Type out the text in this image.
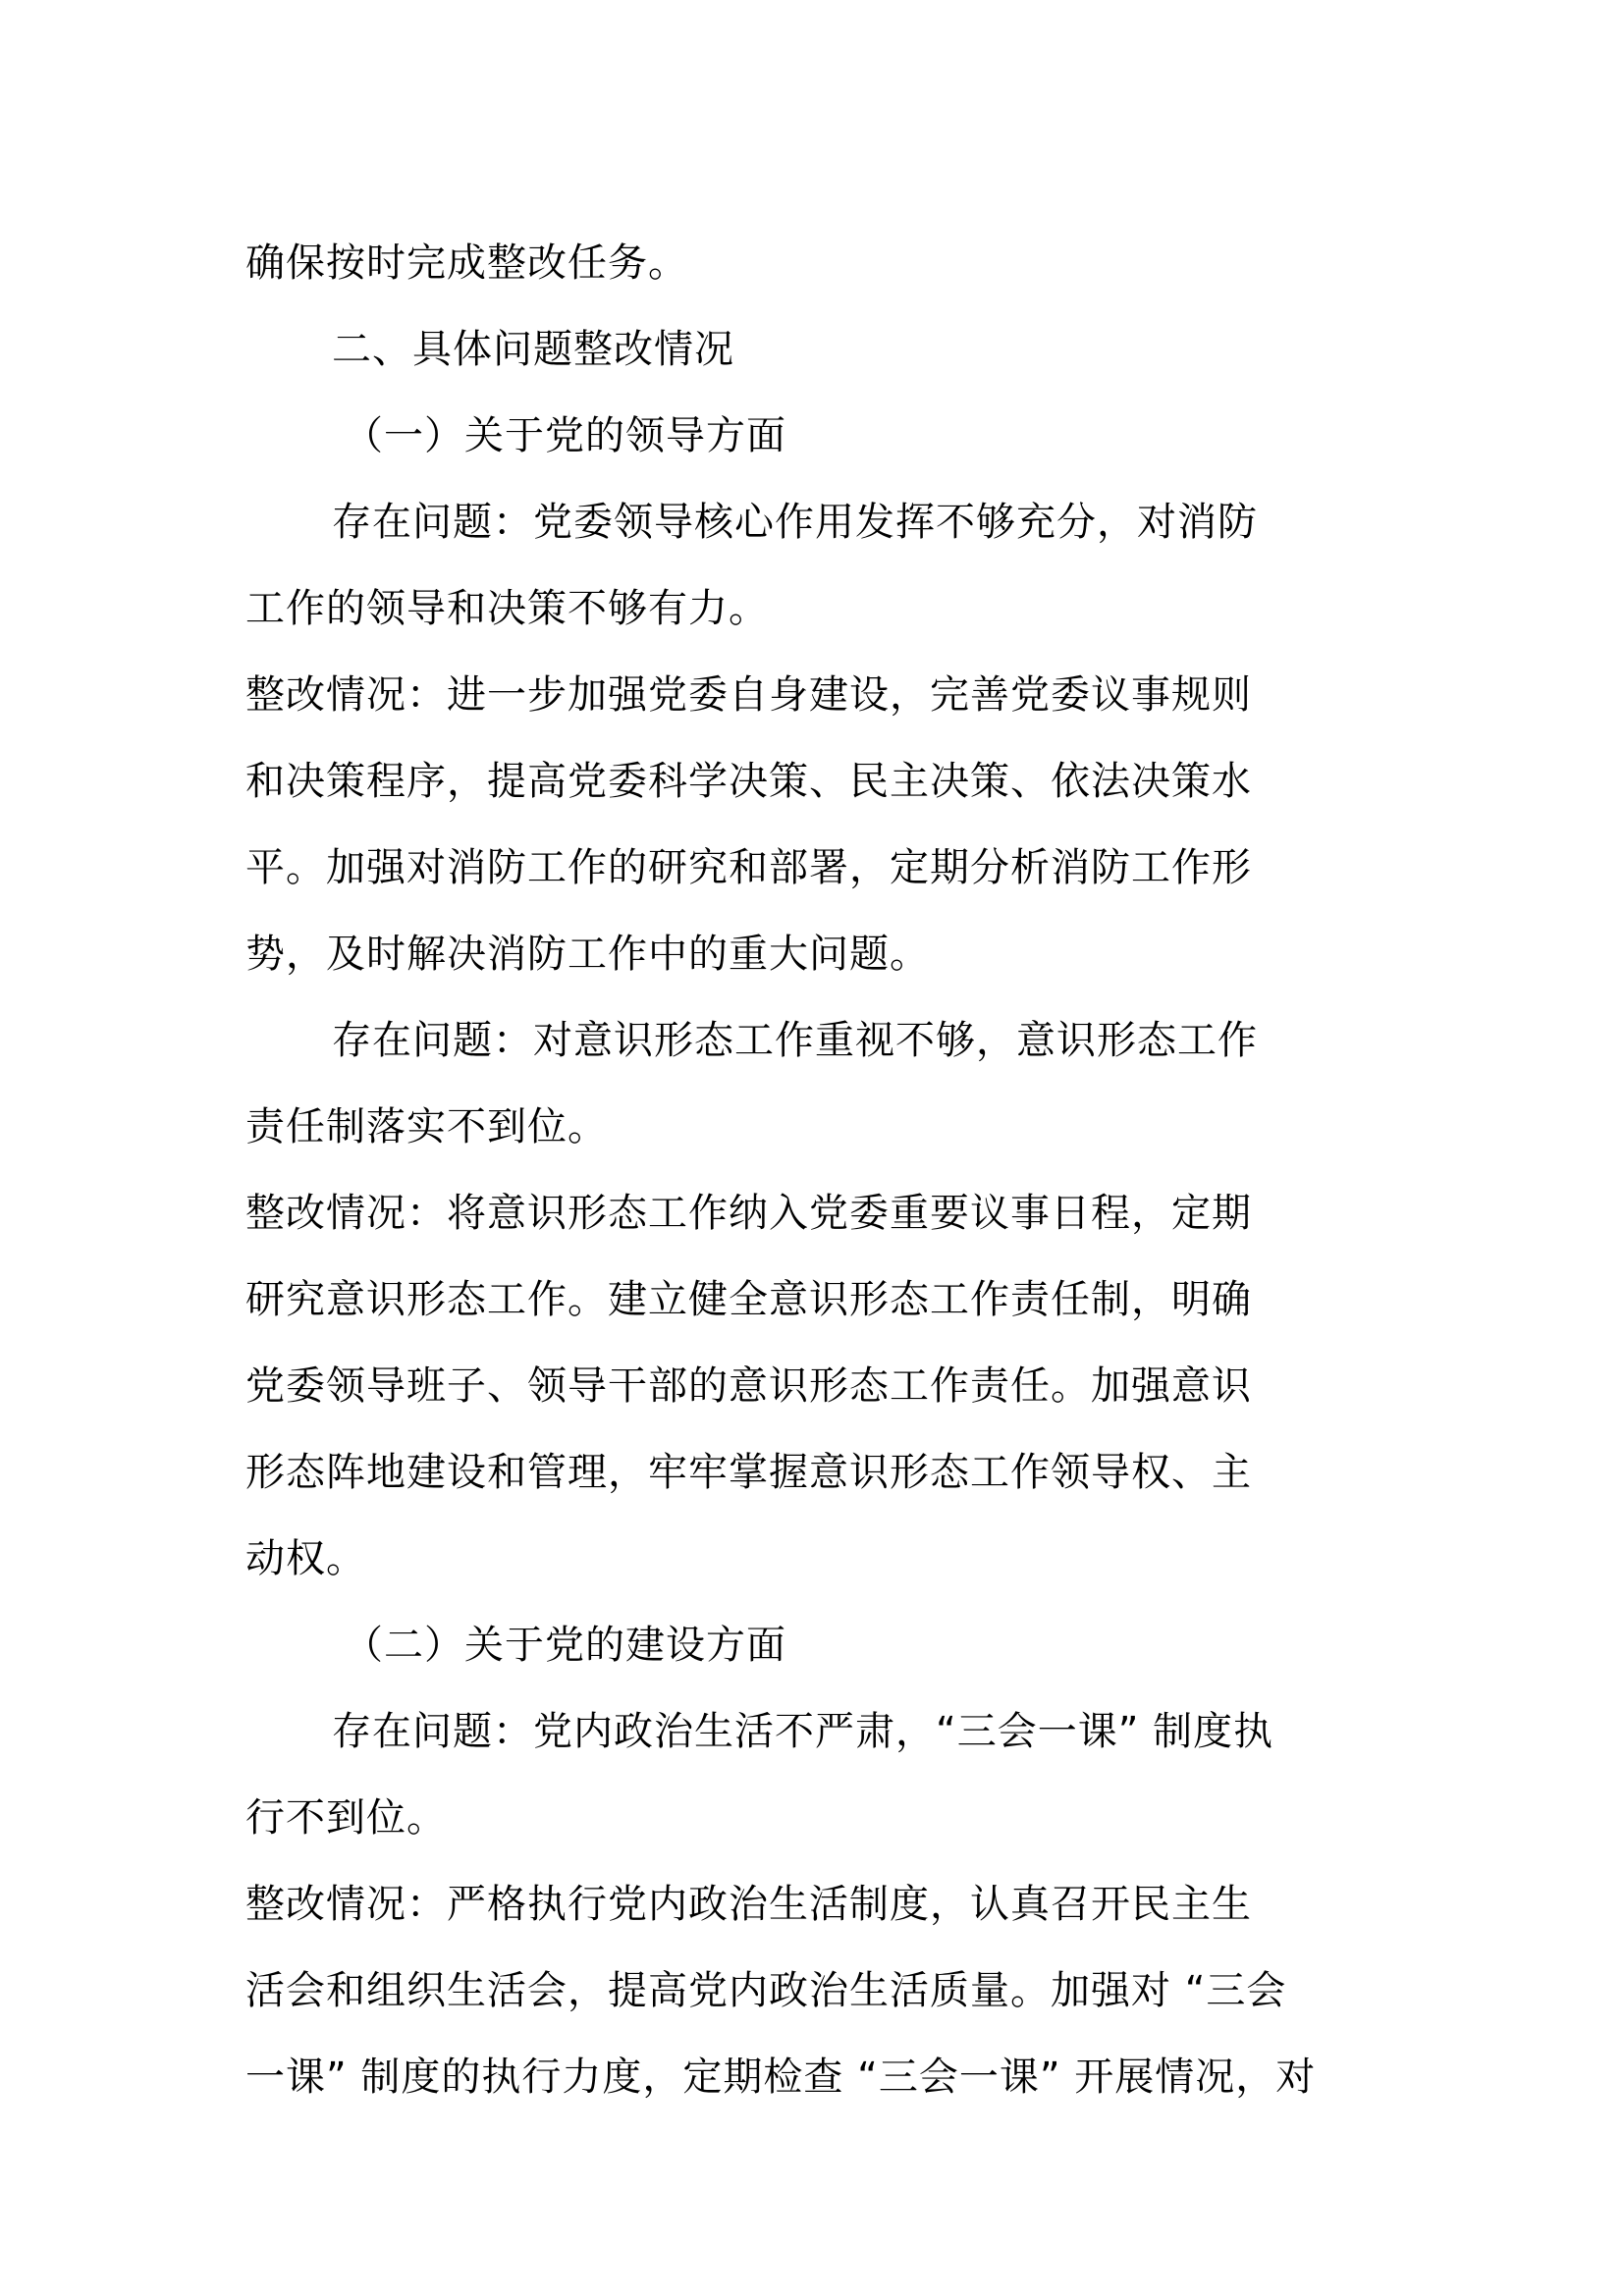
确保按时完成整改任务。
二、具体问题整改情况
（一）关于党的领导方面
存在问题：党委领导核心作用发挥不够充分，对消防
工作的领导和决策不够有力。
整改情况：进一步加强党委自身建设，完善党委议事规则
和决策程序，提高党委科学决策、民主决策、依法决策水
平。加强对消防工作的研究和部署，定期分析消防工作形
势，及时解决消防工作中的重大问题。
存在问题：对意识形态工作重视不够，意识形态工作
责任制落实不到位。
整改情况：将意识形态工作纳入党委重要议事日程，定期
研究意识形态工作。建立健全意识形态工作责任制，明确
党委领导班子、领导干部的意识形态工作责任。加强意识
形态阵地建设和管理，牢牢掌握意识形态工作领导权、主
动权。
（二）关于党的建设方面
存在问题：党内政治生活不严肃，“三会一课” 制度执
行不到位。
整改情况：严格执行党内政治生活制度，认真召开民主生
活会和组织生活会，提高党内政治生活质量。加强对 “三会
一课” 制度的执行力度，定期检查 “三会一课” 开展情况，对
